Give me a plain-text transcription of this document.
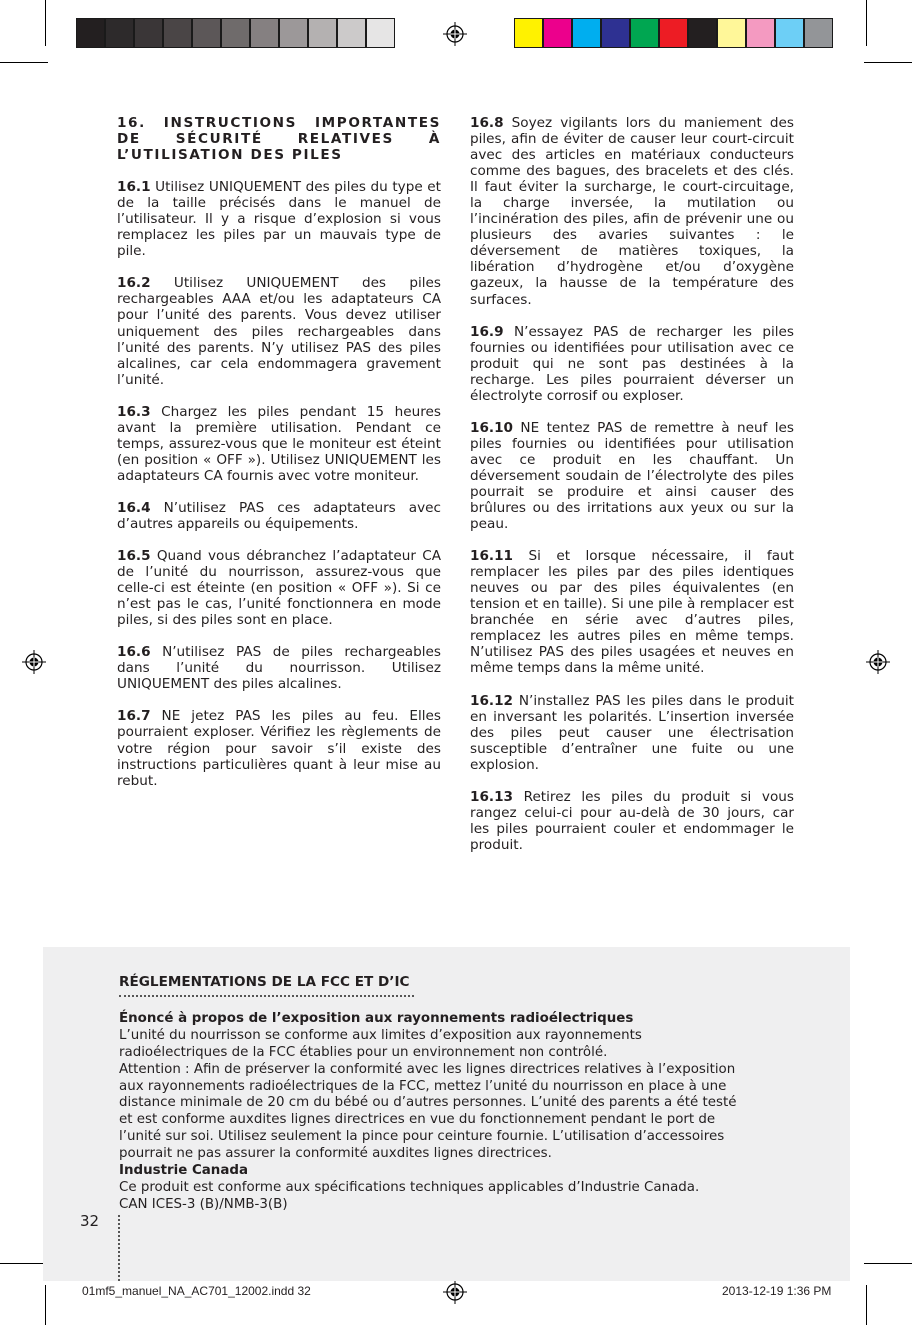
16. INSTRUCTIONS IMPORTANTES DE SÉCURITÉ RELATIVES À L’UTILISATION DES PILES

16.1 Utilisez UNIQUEMENT des piles du type et de la taille précisés dans le manuel de l’utilisateur. Il y a risque d’explosion si vous remplacez les piles par un mauvais type de pile.

16.2 Utilisez UNIQUEMENT des piles rechargeables AAA et/ou les adaptateurs CA pour l’unité des parents. Vous devez utiliser uniquement des piles rechargeables dans l’unité des parents. N’y utilisez PAS des piles alcalines, car cela endommagera gravement l’unité.

16.3 Chargez les piles pendant 15 heures avant la première utilisation. Pendant ce temps, assurez-vous que le moniteur est éteint (en position « OFF »). Utilisez UNIQUEMENT les adaptateurs CA fournis avec votre moniteur.

16.4 N’utilisez PAS ces adaptateurs avec d’autres appareils ou équipements.

16.5 Quand vous débranchez l’adaptateur CA de l’unité du nourrisson, assurez-vous que celle-ci est éteinte (en position « OFF »). Si ce n’est pas le cas, l’unité fonctionnera en mode piles, si des piles sont en place.

16.6 N’utilisez PAS de piles rechargeables dans l’unité du nourrisson. Utilisez UNIQUEMENT des piles alcalines.

16.7 NE jetez PAS les piles au feu. Elles pourraient exploser. Vérifiez les règlements de votre région pour savoir s’il existe des instructions particulières quant à leur mise au rebut.

16.8 Soyez vigilants lors du maniement des piles, afin de éviter de causer leur court-circuit avec des articles en matériaux conducteurs comme des bagues, des bracelets et des clés. Il faut éviter la surcharge, le court-circuitage, la charge inversée, la mutilation ou l’incinération des piles, afin de prévenir une ou plusieurs des avaries suivantes : le déversement de matières toxiques, la libération d’hydrogène et/ou d’oxygène gazeux, la hausse de la température des surfaces.

16.9 N’essayez PAS de recharger les piles fournies ou identifiées pour utilisation avec ce produit qui ne sont pas destinées à la recharge. Les piles pourraient déverser un électrolyte corrosif ou exploser.

16.10 NE tentez PAS de remettre à neuf les piles fournies ou identifiées pour utilisation avec ce produit en les chauffant. Un déversement soudain de l’électrolyte des piles pourrait se produire et ainsi causer des brûlures ou des irritations aux yeux ou sur la peau.

16.11 Si et lorsque nécessaire, il faut remplacer les piles par des piles identiques neuves ou par des piles équivalentes (en tension et en taille). Si une pile à remplacer est branchée en série avec d’autres piles, remplacez les autres piles en même temps. N’utilisez PAS des piles usagées et neuves en même temps dans la même unité.

16.12 N’installez PAS les piles dans le produit en inversant les polarités. L’insertion inversée des piles peut causer une électrisation susceptible d’entraîner une fuite ou une explosion.

16.13 Retirez les piles du produit si vous rangez celui-ci pour au-delà de 30 jours, car les piles pourraient couler et endommager le produit.

RÉGLEMENTATIONS DE LA FCC ET D’IC

Énoncé à propos de l’exposition aux rayonnements radioélectriques

L’unité du nourrisson se conforme aux limites d’exposition aux rayonnements

radioélectriques de la FCC établies pour un environnement non contrôlé.

Attention : Afin de préserver la conformité avec les lignes directrices relatives à l’exposition

aux rayonnements radioélectriques de la FCC, mettez l’unité du nourrisson en place à une

distance minimale de 20 cm du bébé ou d’autres personnes. L’unité des parents a été testé

et est conforme auxdites lignes directrices en vue du fonctionnement pendant le port de

l’unité sur soi. Utilisez seulement la pince pour ceinture fournie. L’utilisation d’accessoires

pourrait ne pas assurer la conformité auxdites lignes directrices.

Industrie Canada

Ce produit est conforme aux spécifications techniques applicables d’Industrie Canada.

CAN ICES-3 (B)/NMB-3(B)

32
01mf5_manuel_NA_AC701_12002.indd 32	2013-12-19 1:36 PM
